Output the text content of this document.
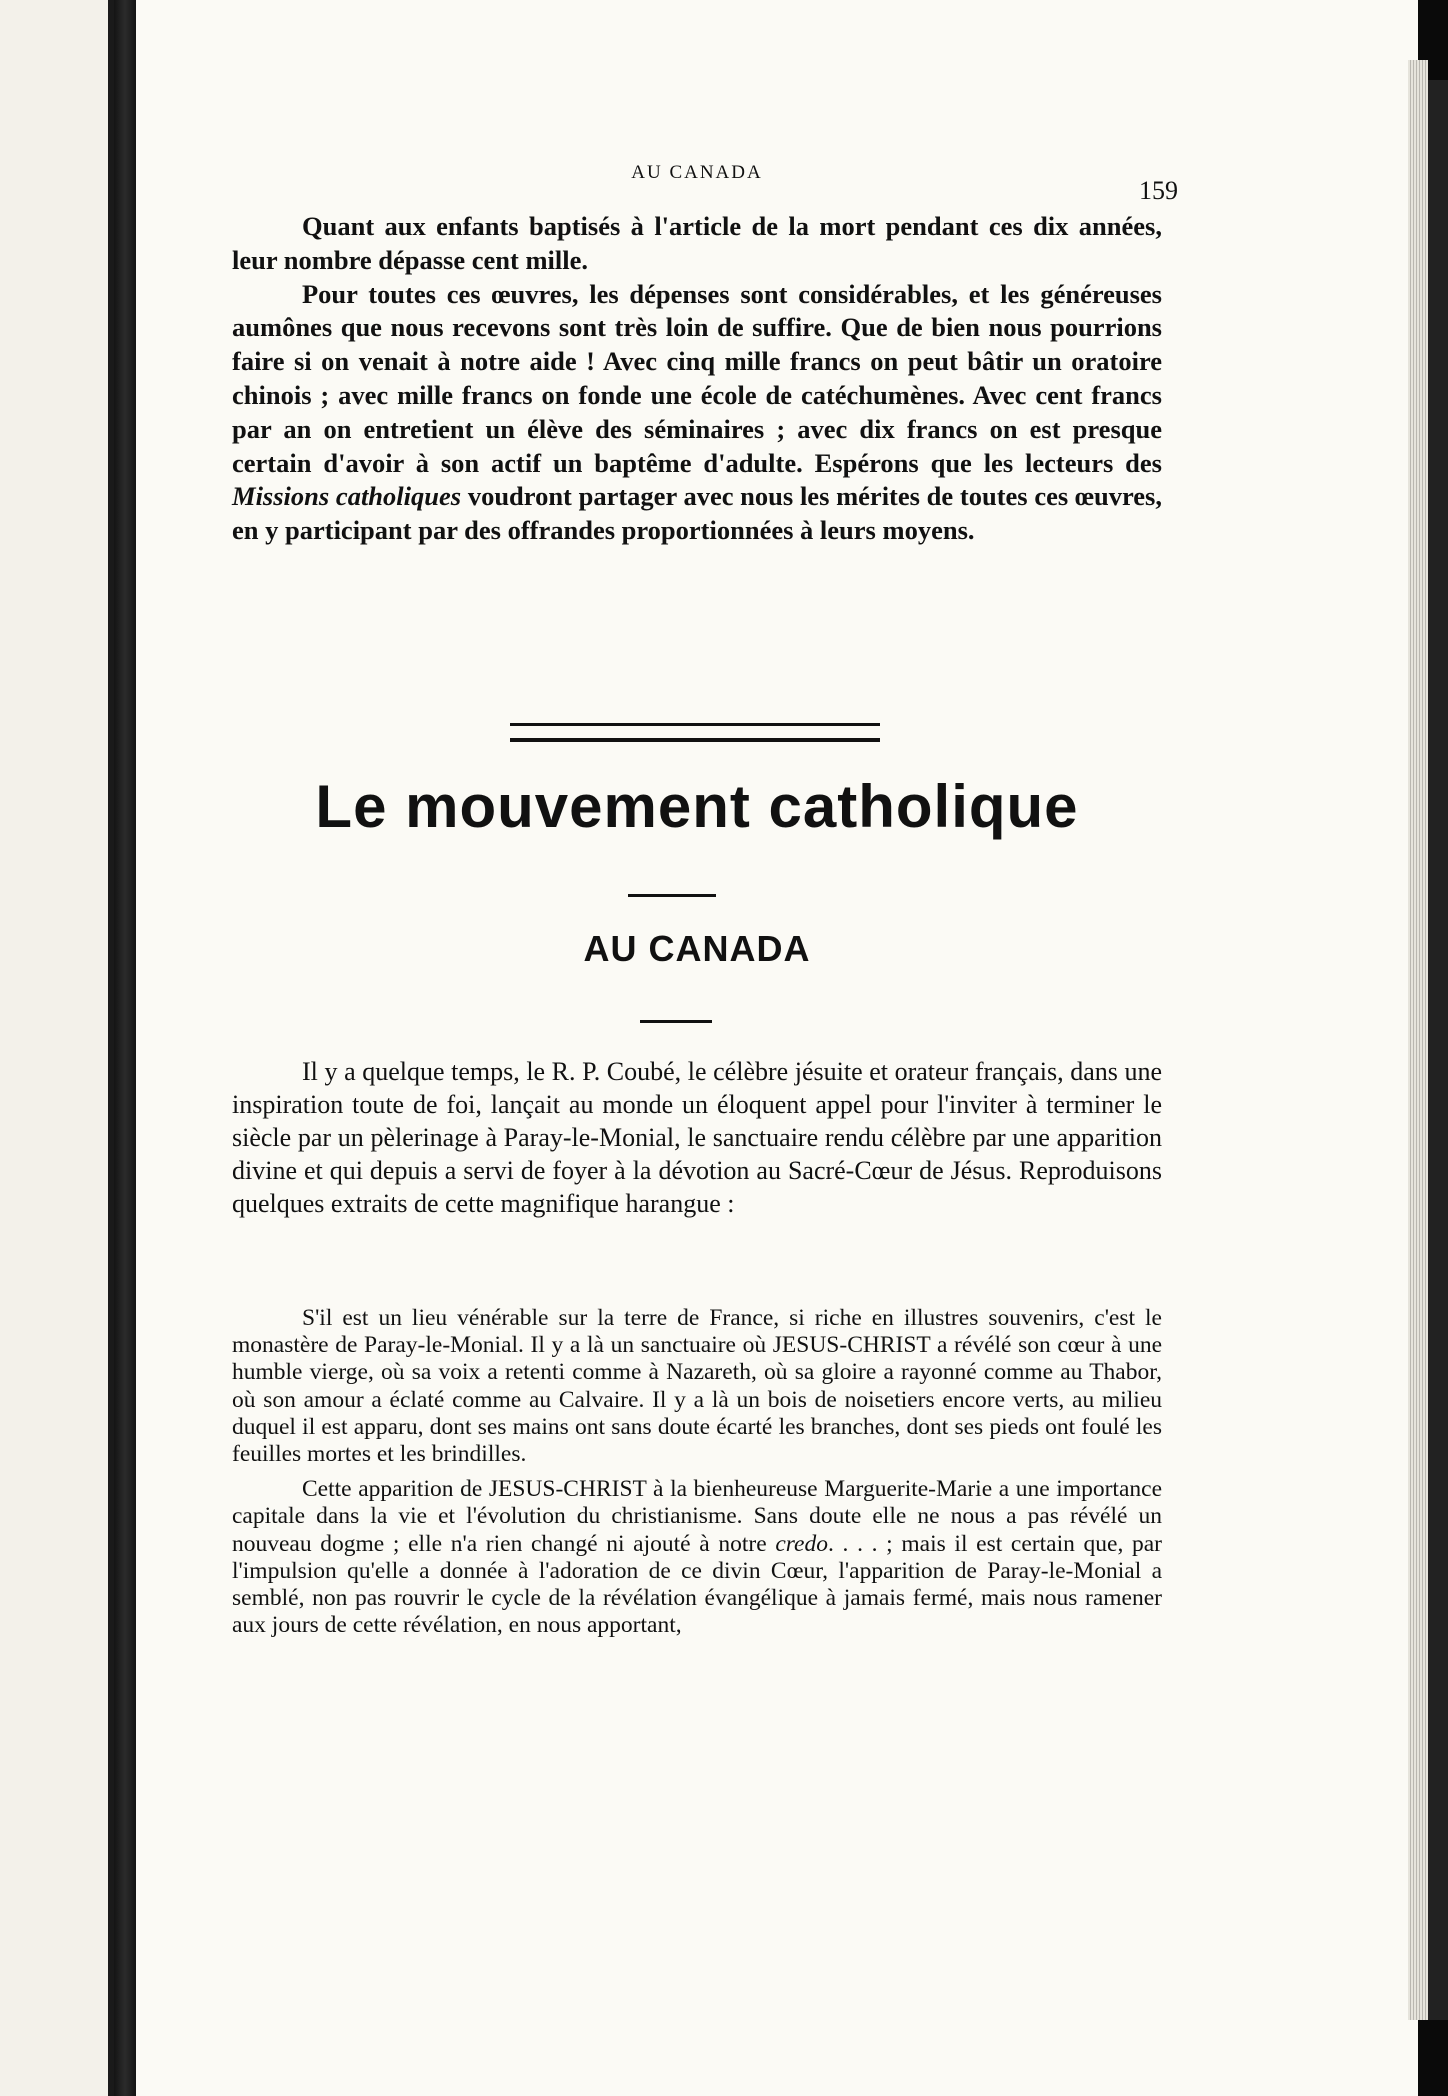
AU CANADA
159

Quant aux enfants baptisés à l'article de la mort pendant ces dix années, leur nombre dépasse cent mille.

Pour toutes ces œuvres, les dépenses sont considérables, et les généreuses aumônes que nous recevons sont très loin de suffire. Que de bien nous pourrions faire si on venait à notre aide ! Avec cinq mille francs on peut bâtir un oratoire chinois ; avec mille francs on fonde une école de catéchumènes. Avec cent francs par an on entretient un élève des séminaires ; avec dix francs on est presque certain d'avoir à son actif un baptême d'adulte. Espérons que les lecteurs des Missions catholiques voudront partager avec nous les mérites de toutes ces œuvres, en y participant par des offrandes proportionnées à leurs moyens.

Le mouvement catholique
AU CANADA

Il y a quelque temps, le R. P. Coubé, le célèbre jésuite et orateur français, dans une inspiration toute de foi, lançait au monde un éloquent appel pour l'inviter à terminer le siècle par un pèlerinage à Paray-le-Monial, le sanctuaire rendu célèbre par une apparition divine et qui depuis a servi de foyer à la dévotion au Sacré-Cœur de Jésus. Reproduisons quelques extraits de cette magnifique harangue :

S'il est un lieu vénérable sur la terre de France, si riche en illustres souvenirs, c'est le monastère de Paray-le-Monial. Il y a là un sanctuaire où JESUS-CHRIST a révélé son cœur à une humble vierge, où sa voix a retenti comme à Nazareth, où sa gloire a rayonné comme au Thabor, où son amour a éclaté comme au Calvaire. Il y a là un bois de noisetiers encore verts, au milieu duquel il est apparu, dont ses mains ont sans doute écarté les branches, dont ses pieds ont foulé les feuilles mortes et les brindilles.

Cette apparition de JESUS-CHRIST à la bienheureuse Marguerite-Marie a une importance capitale dans la vie et l'évolution du christianisme. Sans doute elle ne nous a pas révélé un nouveau dogme ; elle n'a rien changé ni ajouté à notre credo. . . . ; mais il est certain que, par l'impulsion qu'elle a donnée à l'adoration de ce divin Cœur, l'apparition de Paray-le-Monial a semblé, non pas rouvrir le cycle de la révélation évangélique à jamais fermé, mais nous ramener aux jours de cette révélation, en nous apportant,
